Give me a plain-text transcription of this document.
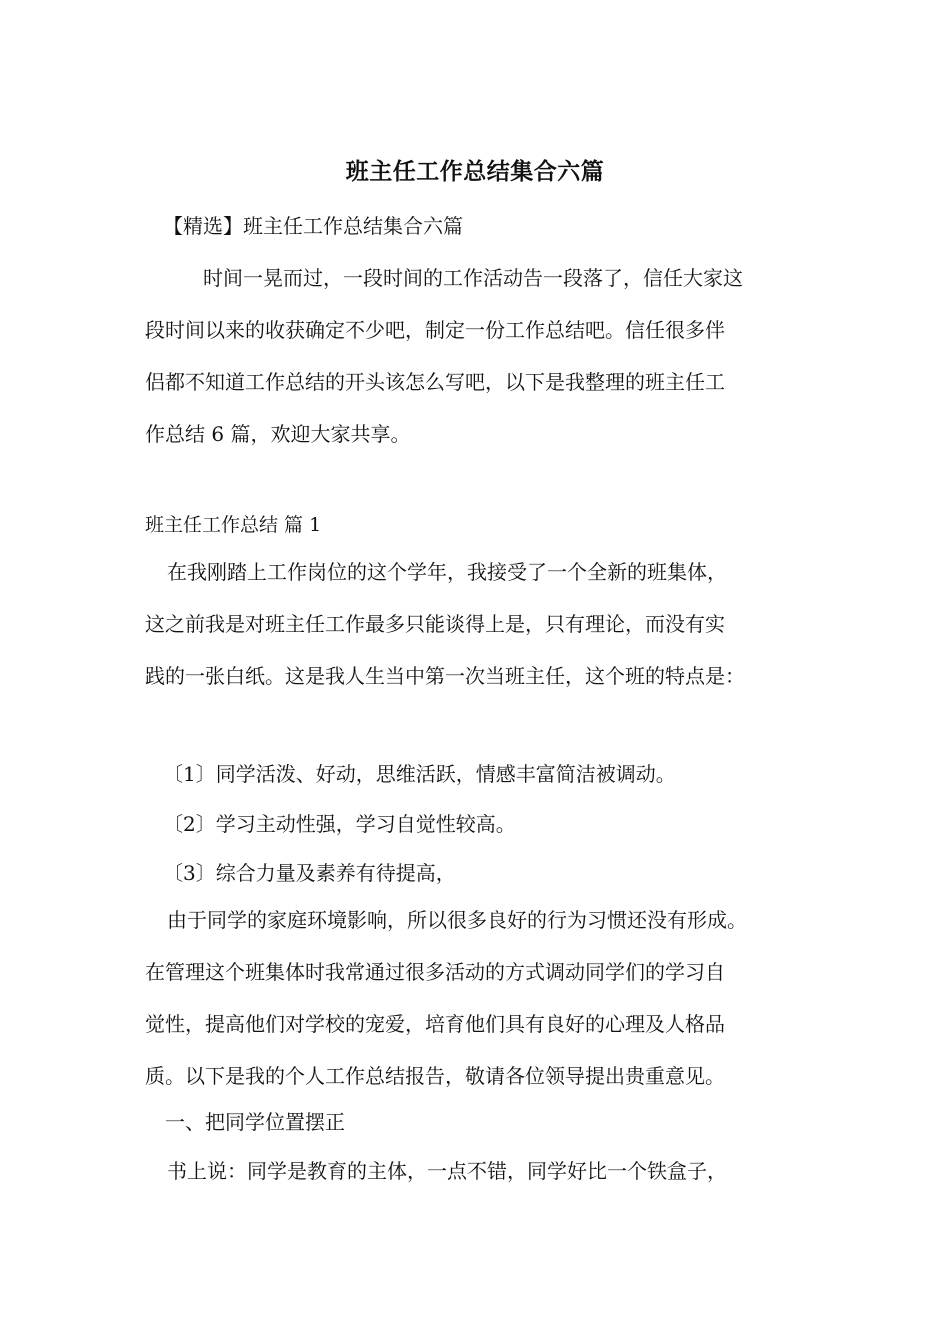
班主任工作总结集合六篇
【精选】班主任工作总结集合六篇
时间一晃而过，一段时间的工作活动告一段落了，信任大家这
段时间以来的收获确定不少吧，制定一份工作总结吧。信任很多伴
侣都不知道工作总结的开头该怎么写吧，以下是我整理的班主任工
作总结 6 篇，欢迎大家共享。
班主任工作总结 篇 1
在我刚踏上工作岗位的这个学年，我接受了一个全新的班集体，
这之前我是对班主任工作最多只能谈得上是，只有理论，而没有实
践的一张白纸。这是我人生当中第一次当班主任，这个班的特点是：
〔1〕同学活泼、好动，思维活跃，情感丰富简洁被调动。
〔2〕学习主动性强，学习自觉性较高。
〔3〕综合力量及素养有待提高，
由于同学的家庭环境影响，所以很多良好的行为习惯还没有形成。
在管理这个班集体时我常通过很多活动的方式调动同学们的学习自
觉性，提高他们对学校的宠爱，培育他们具有良好的心理及人格品
质。以下是我的个人工作总结报告，敬请各位领导提出贵重意见。
一、把同学位置摆正
书上说：同学是教育的主体，一点不错，同学好比一个铁盒子，
